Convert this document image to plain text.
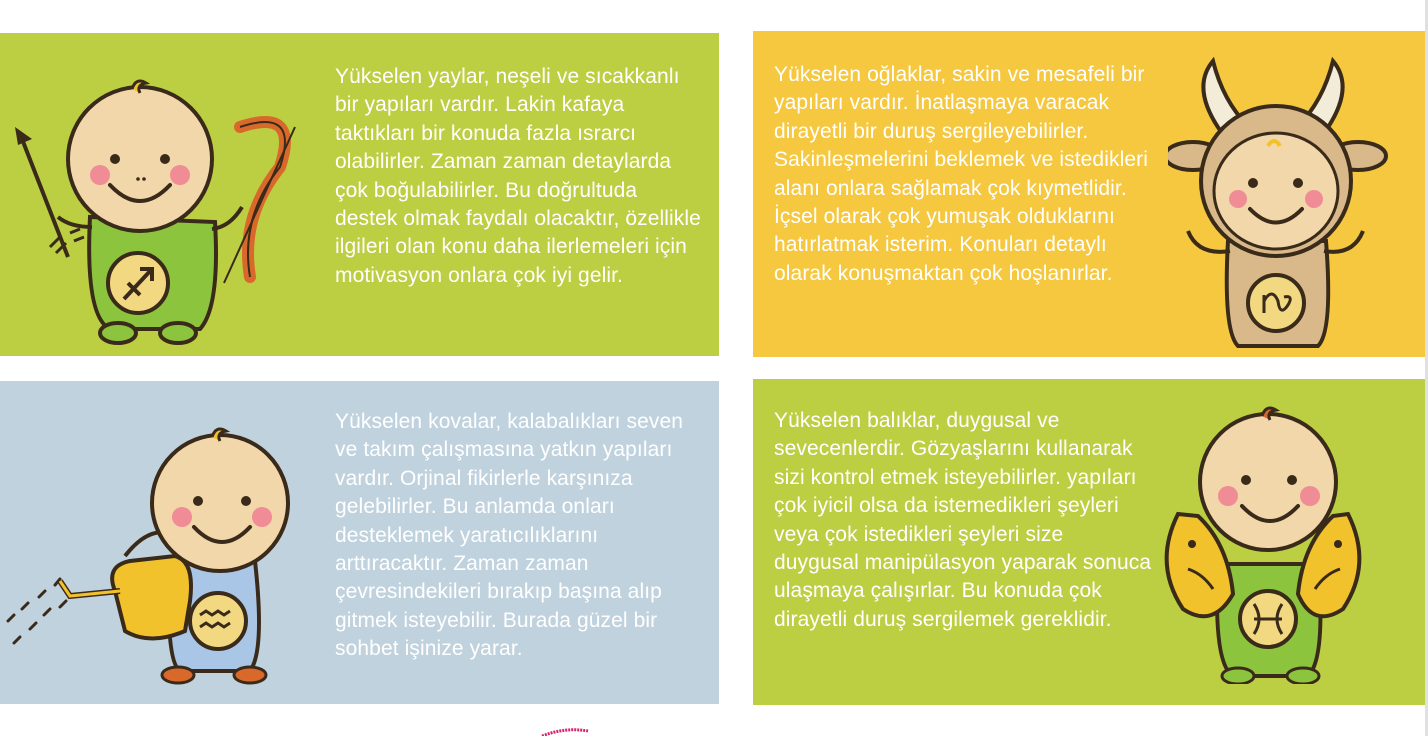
Yükselen yaylar, neşeli ve sıcakkanlı bir yapıları vardır. Lakin kafaya taktıkları bir konuda fazla ısrarcı olabilirler. Zaman zaman detaylarda çok boğulabilirler. Bu doğrultuda destek olmak faydalı olacaktır, özellikle ilgileri olan konu daha ilerlemeleri için motivasyon onlara çok iyi gelir.

Yükselen oğlaklar, sakin ve mesafeli bir yapıları vardır. İnatlaşmaya varacak dirayetli bir duruş sergileyebilirler. Sakinleşmelerini beklemek ve istedikleri alanı onlara sağlamak çok kıymetlidir. İçsel olarak çok yumuşak olduklarını hatırlatmak isterim. Konuları detaylı olarak konuşmaktan çok hoşlanırlar.

Yükselen kovalar, kalabalıkları seven ve takım çalışmasına yatkın yapıları vardır. Orjinal fikirlerle karşınıza gelebilirler. Bu anlamda onları desteklemek yaratıcılıklarını arttıracaktır. Zaman zaman çevresindekileri bırakıp başına alıp gitmek isteyebilir. Burada güzel bir sohbet işinize yarar.

Yükselen balıklar, duygusal ve sevecenlerdir. Gözyaşlarını kullanarak sizi kontrol etmek isteyebilirler. yapıları çok iyicil olsa da istemedikleri şeyleri veya çok istedikleri şeyleri size duygusal manipülasyon yaparak sonuca ulaşmaya çalışırlar. Bu konuda çok dirayetli duruş sergilemek gereklidir.
